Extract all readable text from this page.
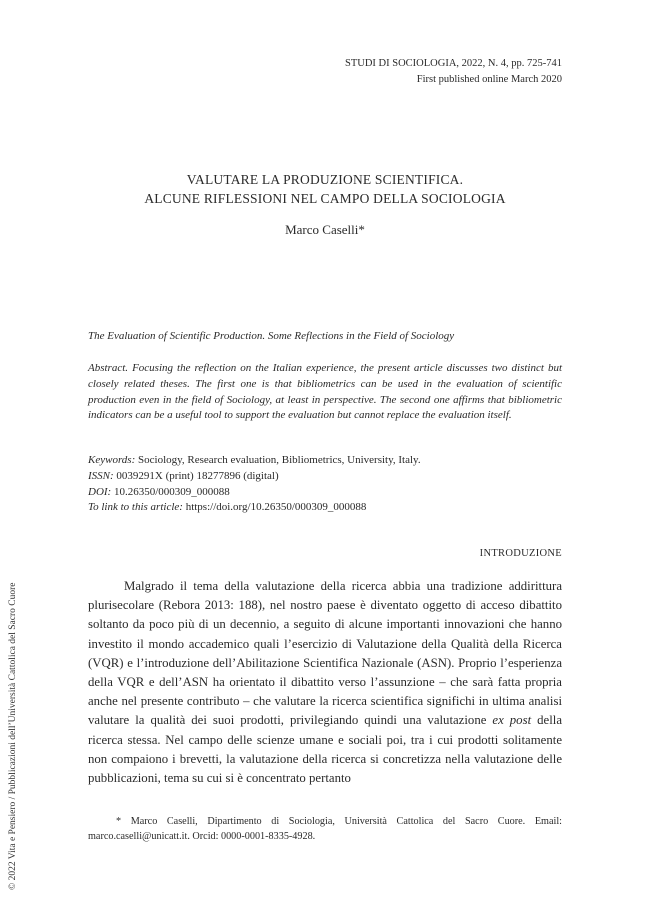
STUDI DI SOCIOLOGIA, 2022, N. 4, pp. 725-741
First published online March 2020
VALUTARE LA PRODUZIONE SCIENTIFICA.
ALCUNE RIFLESSIONI NEL CAMPO DELLA SOCIOLOGIA
Marco Caselli*
The Evaluation of Scientific Production. Some Reflections in the Field of Sociology

Abstract. Focusing the reflection on the Italian experience, the present article discusses two distinct but closely related theses. The first one is that bibliometrics can be used in the evaluation of scientific production even in the field of Sociology, at least in perspective. The second one affirms that bibliometric indicators can be a useful tool to support the evaluation but cannot replace the evaluation itself.

Keywords: Sociology, Research evaluation, Bibliometrics, University, Italy.
ISSN: 0039291X (print) 18277896 (digital)
DOI: 10.26350/000309_000088
To link to this article: https://doi.org/10.26350/000309_000088
INTRODUZIONE

Malgrado il tema della valutazione della ricerca abbia una tradizione addirittura plurisecolare (Rebora 2013: 188), nel nostro paese è diventato oggetto di acceso dibattito soltanto da poco più di un decennio, a seguito di alcune importanti innovazioni che hanno investito il mondo accademico quali l’esercizio di Valutazione della Qualità della Ricerca (VQR) e l’introduzione dell’Abilitazione Scientifica Nazionale (ASN). Proprio l’esperienza della VQR e dell’ASN ha orientato il dibattito verso l’assunzione – che sarà fatta propria anche nel presente contributo – che valutare la ricerca scientifica significhi in ultima analisi valutare la qualità dei suoi prodotti, privilegiando quindi una valutazione ex post della ricerca stessa. Nel campo delle scienze umane e sociali poi, tra i cui prodotti solitamente non compaiono i brevetti, la valutazione della ricerca si concretizza nella valutazione delle pubblicazioni, tema su cui si è concentrato pertanto

* Marco Caselli, Dipartimento di Sociologia, Università Cattolica del Sacro Cuore. Email: marco.caselli@unicatt.it. Orcid: 0000-0001-8335-4928.

© 2022 Vita e Pensiero / Pubblicazioni dell’Università Cattolica del Sacro Cuore
